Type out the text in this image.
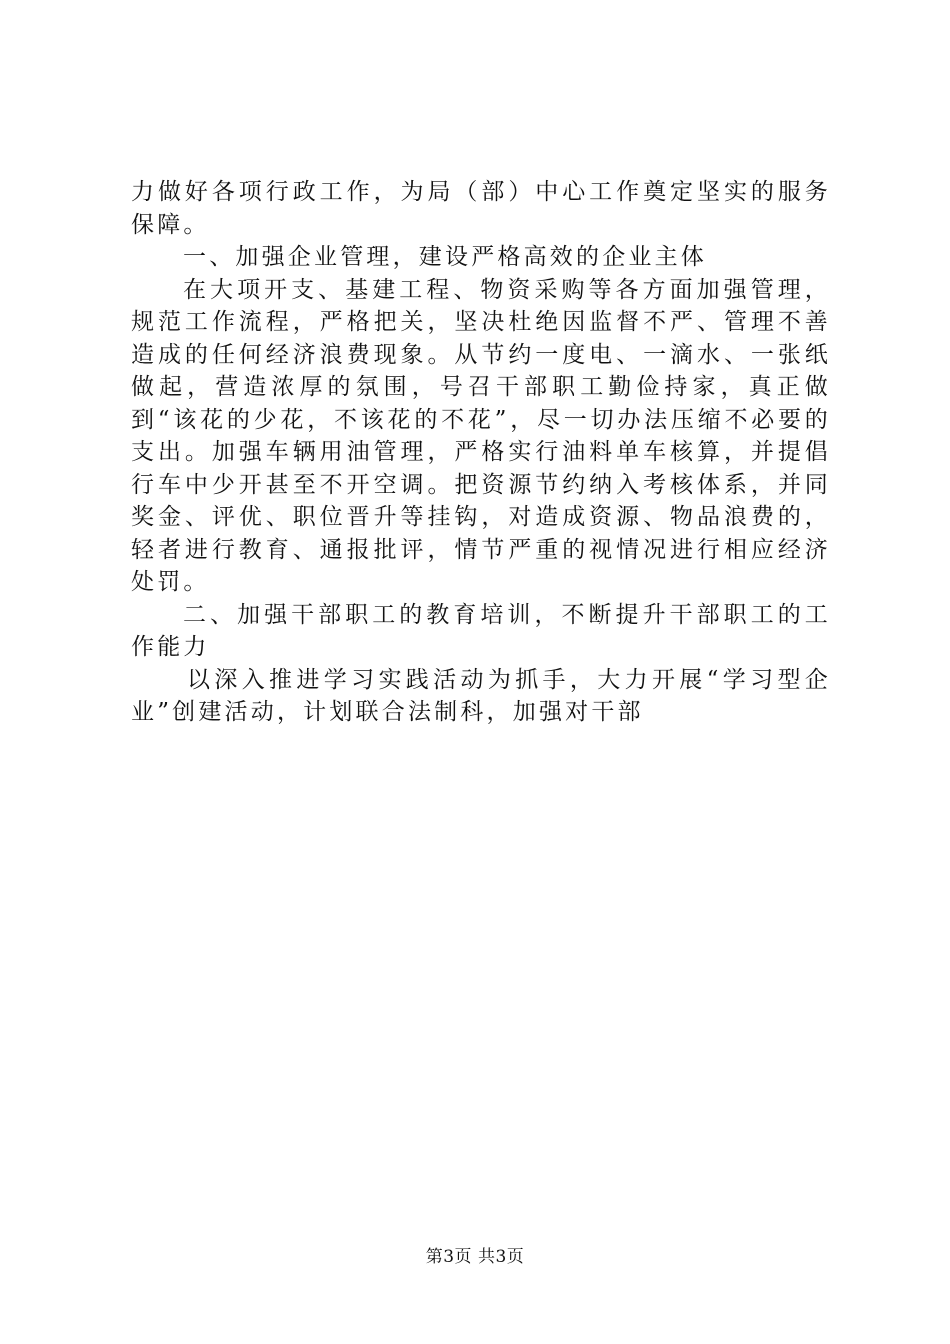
力做好各项行政工作，为局（部）中心工作奠定坚实的服务保障。

一、加强企业管理，建设严格高效的企业主体

在大项开支、基建工程、物资采购等各方面加强管理，规范工作流程，严格把关，坚决杜绝因监督不严、管理不善造成的任何经济浪费现象。从节约一度电、一滴水、一张纸做起，营造浓厚的氛围，号召干部职工勤俭持家，真正做到“该花的少花，不该花的不花”，尽一切办法压缩不必要的支出。加强车辆用油管理，严格实行油料单车核算，并提倡行车中少开甚至不开空调。把资源节约纳入考核体系，并同奖金、评优、职位晋升等挂钩，对造成资源、物品浪费的，轻者进行教育、通报批评，情节严重的视情况进行相应经济处罚。

二、加强干部职工的教育培训，不断提升干部职工的工作能力

以深入推进学习实践活动为抓手，大力开展“学习型企业”创建活动，计划联合法制科，加强对干部

第3页 共3页
